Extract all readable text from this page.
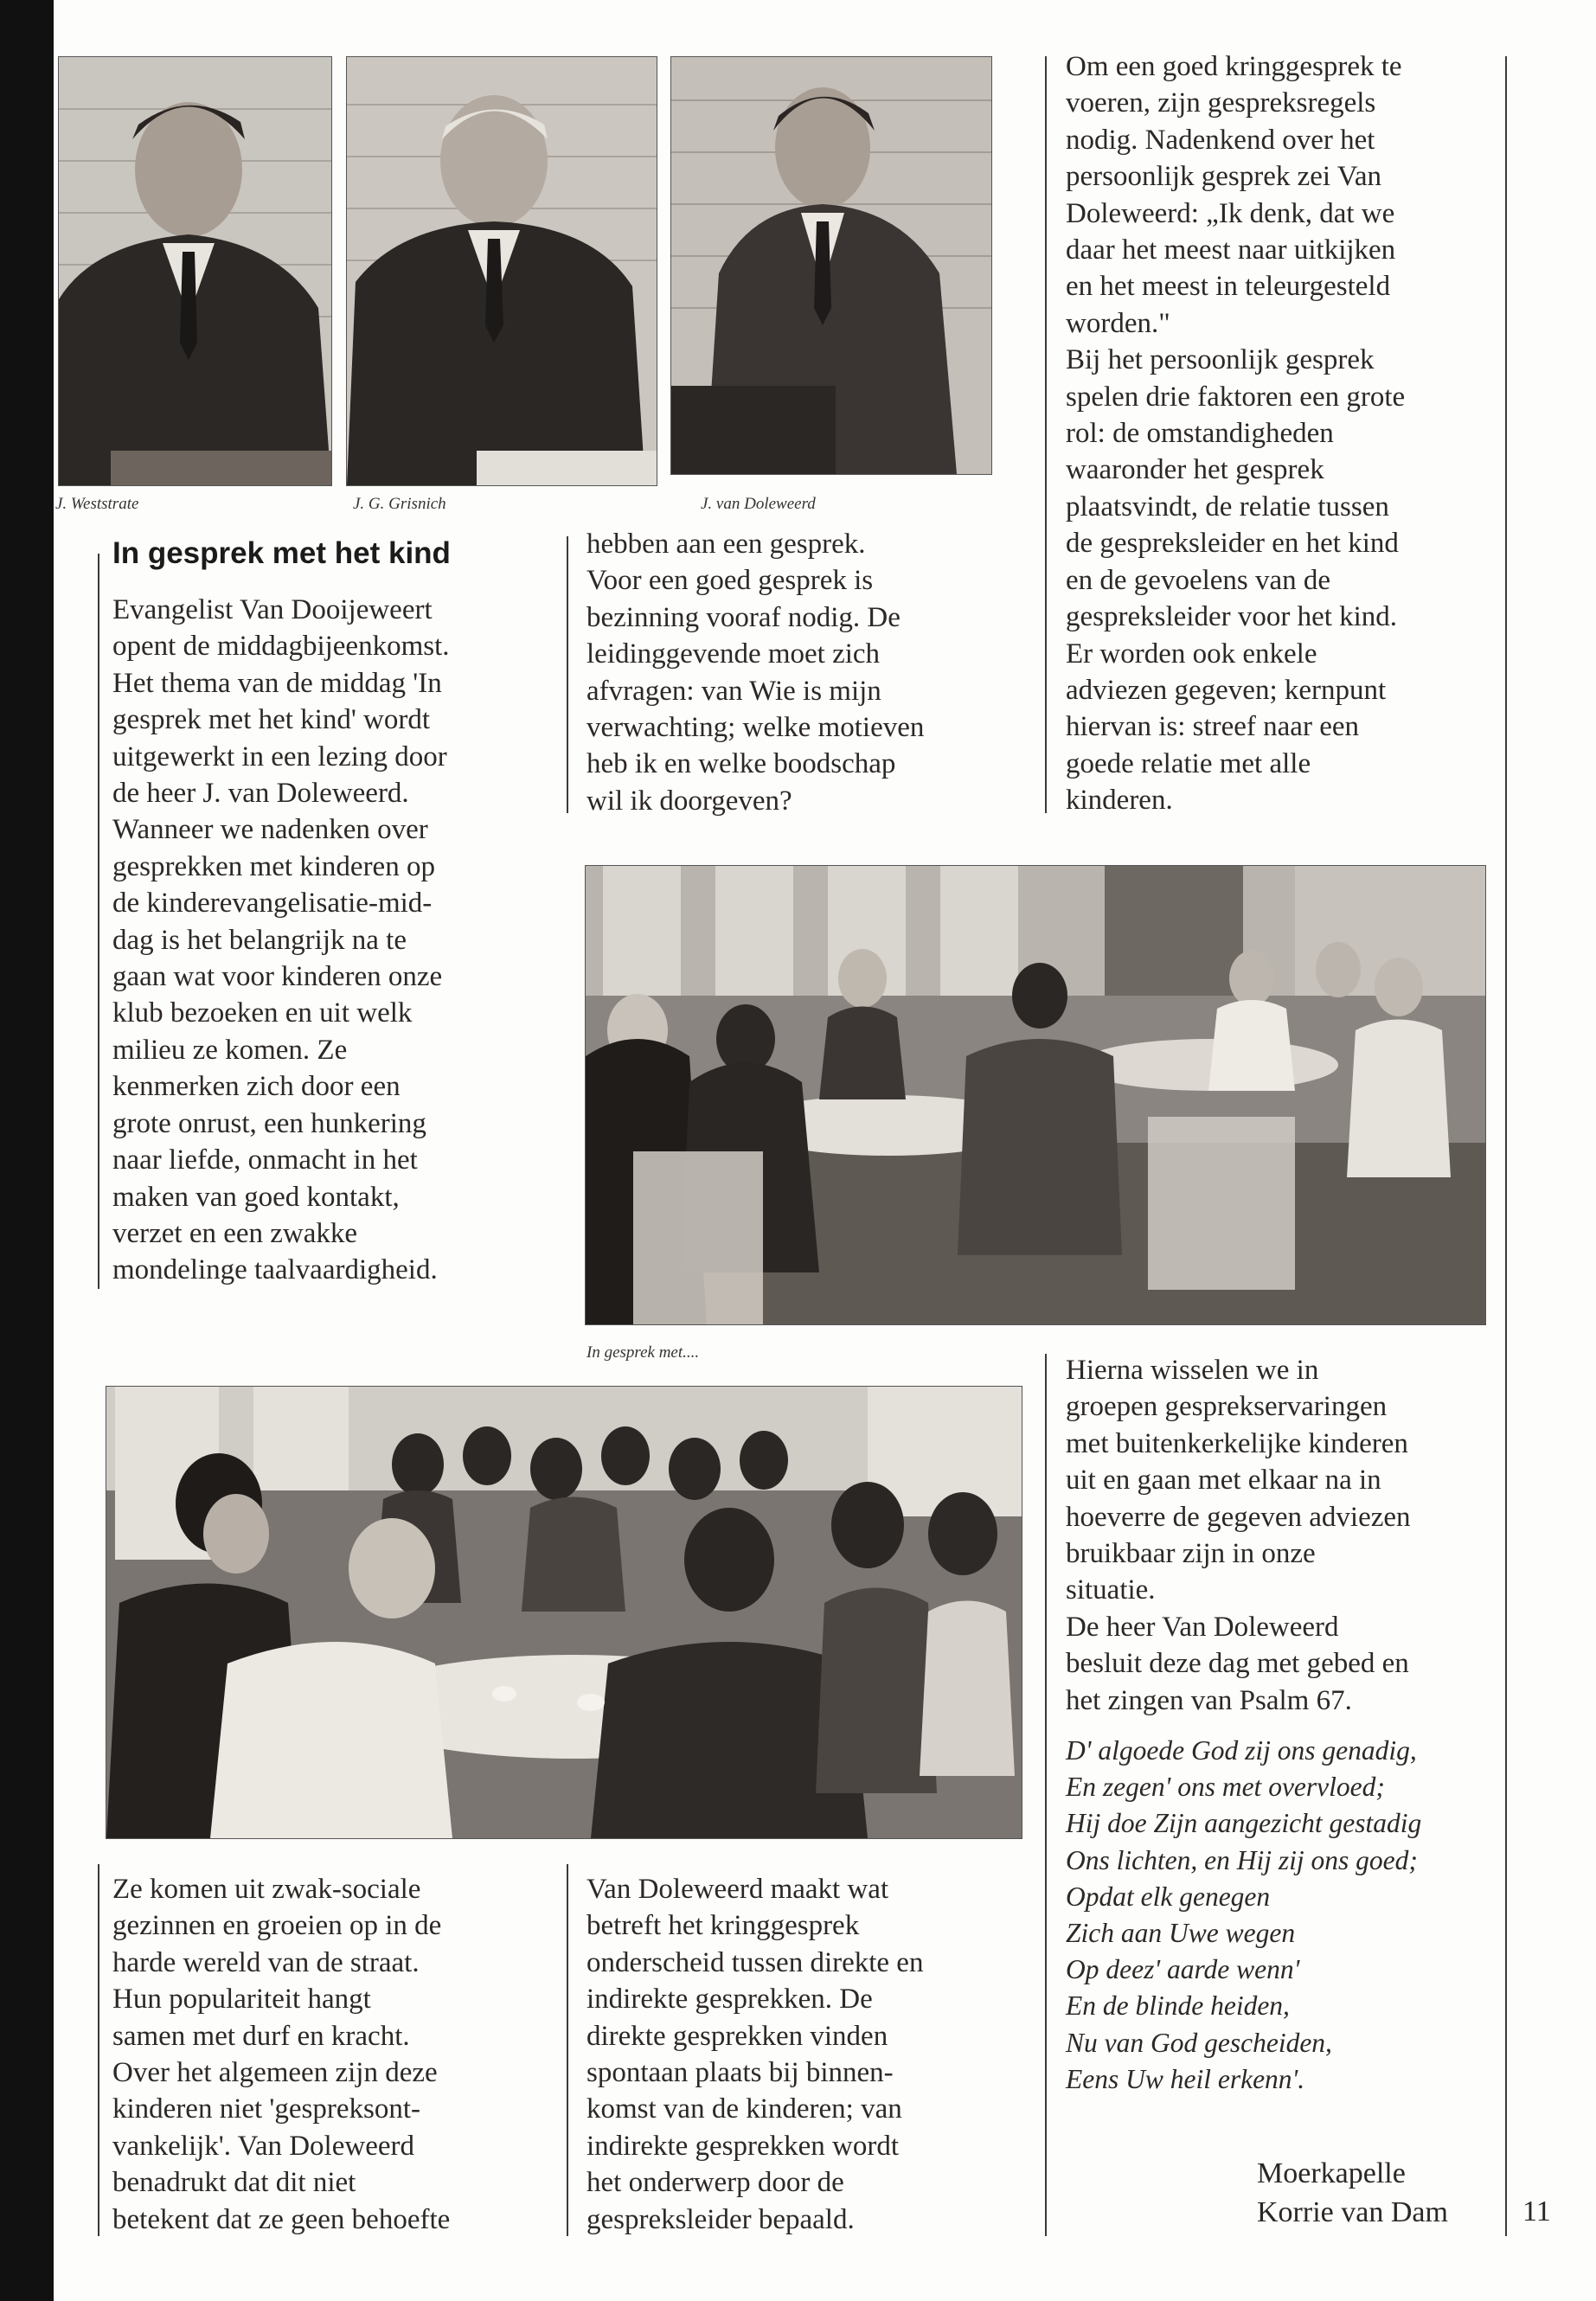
J. Weststrate	J. G. Grisnich	J. van Doleweerd
In gesprek met het kind
Evangelist Van Dooijeweert
opent de middagbijeenkomst.
Het thema van de middag 'In
gesprek met het kind' wordt
uitgewerkt in een lezing door
de heer J. van Doleweerd.
Wanneer we nadenken over
gesprekken met kinderen op
de kinderevangelisatie-mid-
dag is het belangrijk na te
gaan wat voor kinderen onze
klub bezoeken en uit welk
milieu ze komen. Ze
kenmerken zich door een
grote onrust, een hunkering
naar liefde, onmacht in het
maken van goed kontakt,
verzet en een zwakke
mondelinge taalvaardigheid.
hebben aan een gesprek.
Voor een goed gesprek is
bezinning vooraf nodig. De
leidinggevende moet zich
afvragen: van Wie is mijn
verwachting; welke motieven
heb ik en welke boodschap
wil ik doorgeven?
Om een goed kringgesprek te
voeren, zijn gespreksregels
nodig. Nadenkend over het
persoonlijk gesprek zei Van
Doleweerd: „Ik denk, dat we
daar het meest naar uitkijken
en het meest in teleurgesteld
worden."
Bij het persoonlijk gesprek
spelen drie faktoren een grote
rol: de omstandigheden
waaronder het gesprek
plaatsvindt, de relatie tussen
de gespreksleider en het kind
en de gevoelens van de
gespreksleider voor het kind.
Er worden ook enkele
adviezen gegeven; kernpunt
hiervan is: streef naar een
goede relatie met alle
kinderen.
In gesprek met....
Hierna wisselen we in
groepen gesprekservaringen
met buitenkerkelijke kinderen
uit en gaan met elkaar na in
hoeverre de gegeven adviezen
bruikbaar zijn in onze
situatie.
De heer Van Doleweerd
besluit deze dag met gebed en
het zingen van Psalm 67.
D' algoede God zij ons genadig,
En zegen' ons met overvloed;
Hij doe Zijn aangezicht gestadig
Ons lichten, en Hij zij ons goed;
Opdat elk genegen
Zich aan Uwe wegen
Op deez' aarde wenn'
En de blinde heiden,
Nu van God gescheiden,
Eens Uw heil erkenn'.
Ze komen uit zwak-sociale
gezinnen en groeien op in de
harde wereld van de straat.
Hun populariteit hangt
samen met durf en kracht.
Over het algemeen zijn deze
kinderen niet 'gespreksont-
vankelijk'. Van Doleweerd
benadrukt dat dit niet
betekent dat ze geen behoefte
Van Doleweerd maakt wat
betreft het kringgesprek
onderscheid tussen direkte en
indirekte gesprekken. De
direkte gesprekken vinden
spontaan plaats bij binnen-
komst van de kinderen; van
indirekte gesprekken wordt
het onderwerp door de
gespreksleider bepaald.
Moerkapelle
Korrie van Dam	11
